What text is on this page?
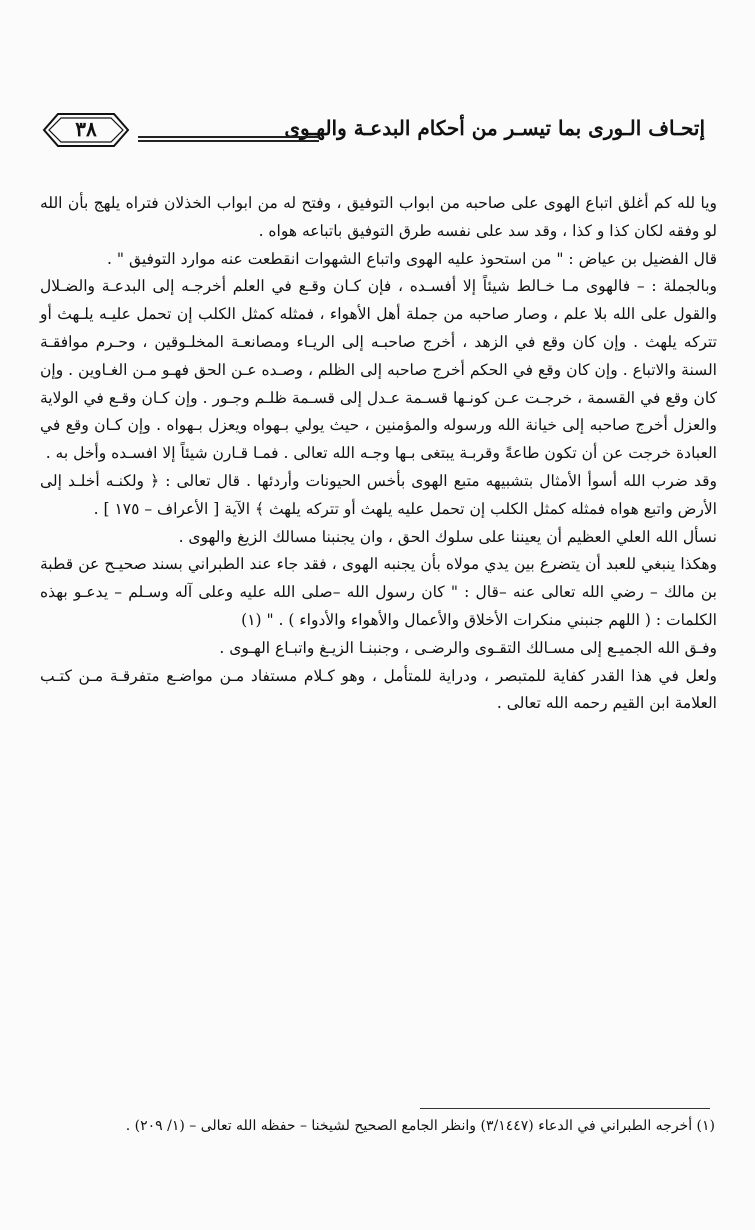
إتحـاف الـورى بما تيسـر من أحكام البدعـة والهـوى
٣٨

ويا لله كم أغلق اتباع الهوى على صاحبه من ابواب التوفيق ، وفتح له من ابواب الخذلان فتراه يلهج بأن الله لو وفقه لكان كذا و كذا ، وقد سد على نفسه طرق التوفيق باتباعه هواه .

قال الفضيل بن عياض : " من استحوذ عليه الهوى واتباع الشهوات انقطعت عنه موارد التوفيق " .

وبالجملة : – فالهوى مـا خـالط شيئاً إلا أفسـده ، فإن كـان وقـع في العلم أخرجـه إلى البدعـة والضـلال والقول على الله بلا علم ، وصار صاحبه من جملة أهل الأهواء ، فمثله كمثل الكلب إن تحمل عليـه يلـهث أو تتركه يلهث . وإن كان وقع في الزهد ، أخرج صاحبـه إلى الريـاء ومصانعـة المخلـوقين ، وحـرم موافقـة السنة والاتباع . وإن كان وقع في الحكم أخرج صاحبه إلى الظلم ، وصـده عـن الحق فهـو مـن الغـاوين . وإن كان وقع في القسمة ، خرجـت عـن كونـها قسـمة عـدل إلى قسـمة ظلـم وجـور . وإن كـان وقـع في الولاية والعزل أخرج صاحبه إلى خيانة الله ورسوله والمؤمنين ، حيث يولي بـهواه ويعزل بـهواه . وإن كـان وقع في العبادة خرجت عن أن تكون طاعةً وقربـة يبتغى بـها وجـه الله تعالى . فمـا قـارن شيئاً إلا افسـده وأخل به .

وقد ضرب الله أسوأ الأمثال بتشبيهه متبع الهوى بأخس الحيونات وأردئها . قال تعالى : ﴿ ولكنـه أخلـد إلى الأرض واتبع هواه فمثله كمثل الكلب إن تحمل عليه يلهث أو تتركه يلهث ﴾ الآية [ الأعراف – ١٧٥ ] .

نسأل الله العلي العظيم أن يعيننا على سلوك الحق ، وان يجنبنا مسالك الزيغ والهوى .

وهكذا ينبغي للعبد أن يتضرع بين يدي مولاه بأن يجنبه الهوى ، فقد جاء عند الطبراني بسند صحيـح عن قطبة بن مالك – رضي الله تعالى عنه –قال : " كان رسول الله –صلى الله عليه وعلى آله وسـلم – يدعـو بهذه الكلمات : ( اللهم جنبني منكرات الأخلاق والأعمال والأهواء والأدواء ) . " (١)

وفـق الله الجميـع إلى مسـالك التقـوى والرضـى ، وجنبنـا الزيـغ واتبـاع الهـوى .

ولعل في هذا القدر كفاية للمتبصر ، ودراية للمتأمل ، وهو كـلام مستفاد مـن مواضـع متفرقـة مـن كتـب العلامة ابن القيم رحمه الله تعالى .

(١) أخرجه الطبراني في الدعاء (٣/١٤٤٧) وانظر الجامع الصحيح لشيخنا – حفظه الله تعالى – (١/ ٢٠٩) .
